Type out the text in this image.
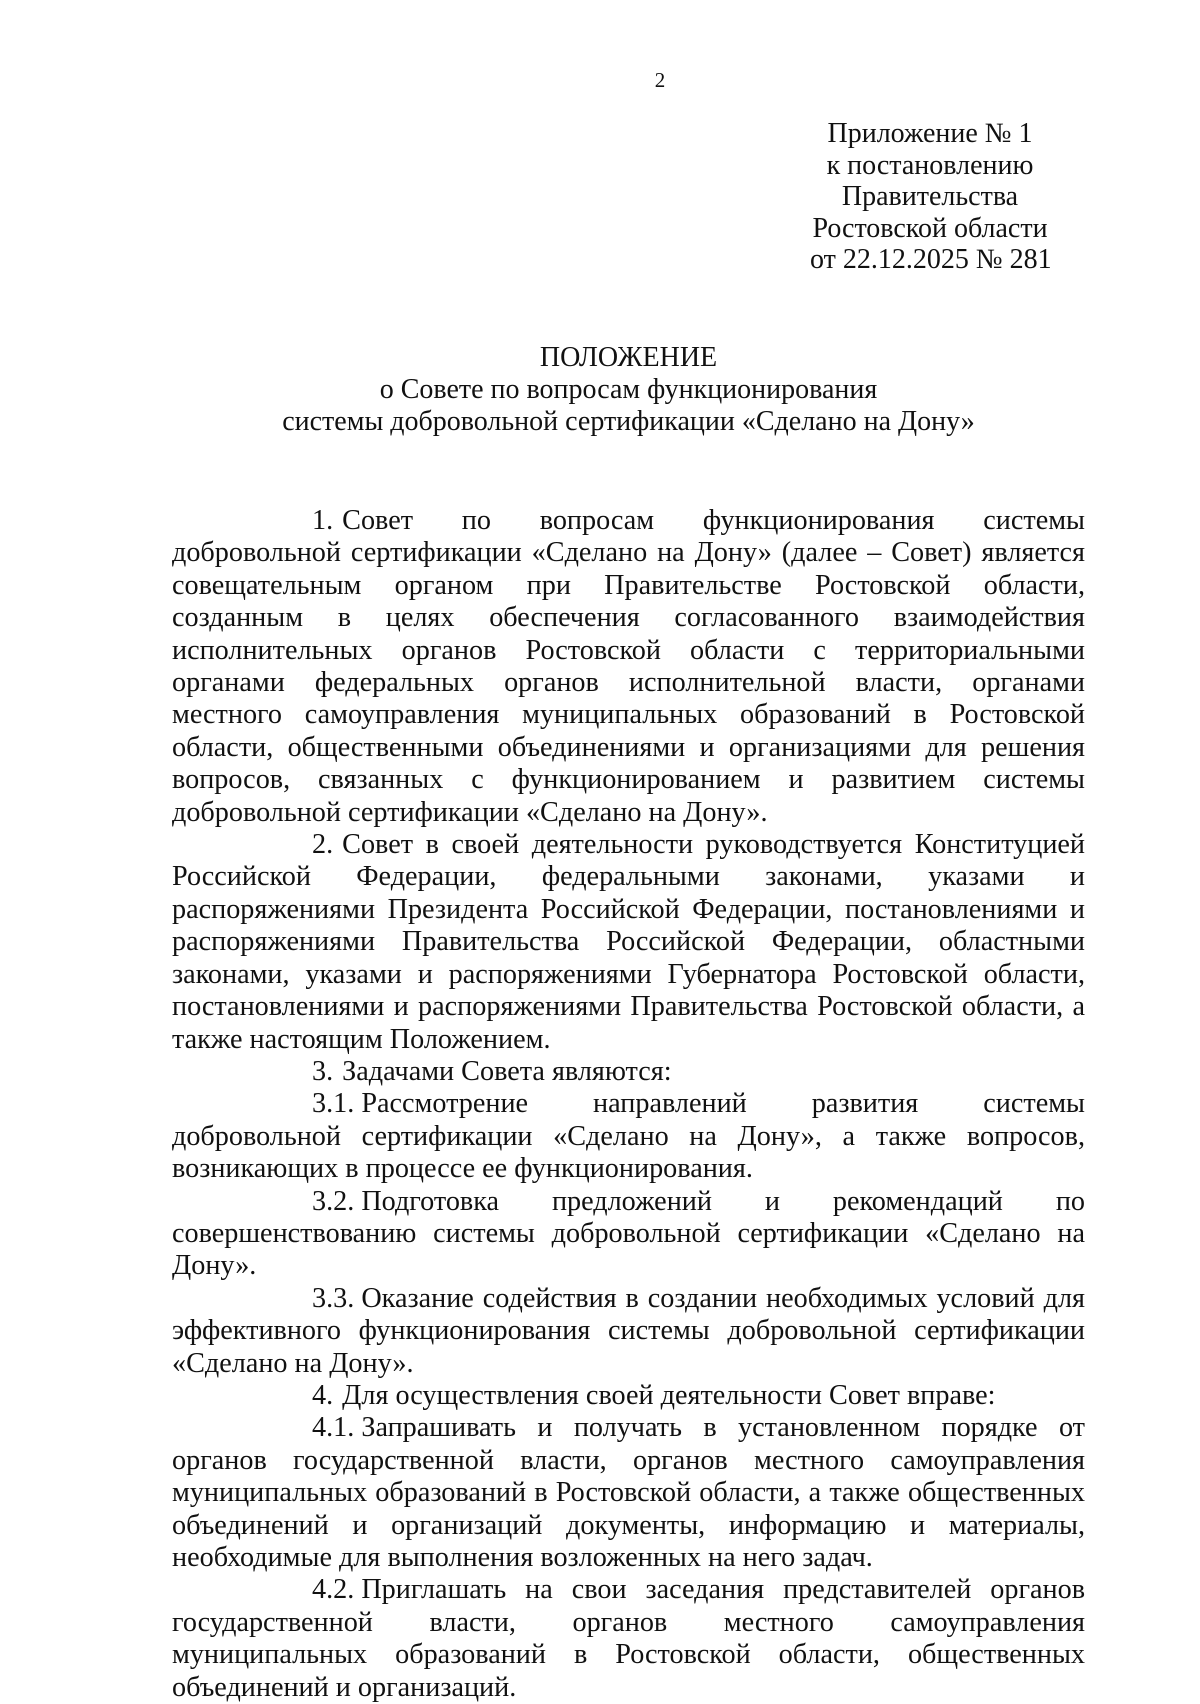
2
Приложение № 1
к постановлению
Правительства
Ростовской области
от 22.12.2025 № 281
ПОЛОЖЕНИЕ
о Совете по вопросам функционирования
системы добровольной сертификации «Сделано на Дону»

1. Совет по вопросам функционирования системы добровольной сертификации «Сделано на Дону» (далее – Совет) является совещательным органом при Правительстве Ростовской области, созданным в целях обеспечения согласованного взаимодействия исполнительных органов Ростовской области с территориальными органами федеральных органов исполнительной власти, органами местного самоуправления муниципальных образований в Ростовской области, общественными объединениями и организациями для решения вопросов, связанных с функционированием и развитием системы добровольной сертификации «Сделано на Дону».

2. Совет в своей деятельности руководствуется Конституцией Российской Федерации, федеральными законами, указами и распоряжениями Президента Российской Федерации, постановлениями и распоряжениями Правительства Российской Федерации, областными законами, указами и распоряжениями Губернатора Ростовской области, постановлениями и распоряжениями Правительства Ростовской области, а также настоящим Положением.

3. Задачами Совета являются:

3.1. Рассмотрение направлений развития системы добровольной сертификации «Сделано на Дону», а также вопросов, возникающих в процессе ее функционирования.

3.2. Подготовка предложений и рекомендаций по совершенствованию системы добровольной сертификации «Сделано на Дону».

3.3. Оказание содействия в создании необходимых условий для эффективного функционирования системы добровольной сертификации «Сделано на Дону».

4. Для осуществления своей деятельности Совет вправе:

4.1. Запрашивать и получать в установленном порядке от органов государственной власти, органов местного самоуправления муниципальных образований в Ростовской области, а также общественных объединений и организаций документы, информацию и материалы, необходимые для выполнения возложенных на него задач.

4.2. Приглашать на свои заседания представителей органов государственной власти, органов местного самоуправления муниципальных образований в Ростовской области, общественных объединений и организаций.
